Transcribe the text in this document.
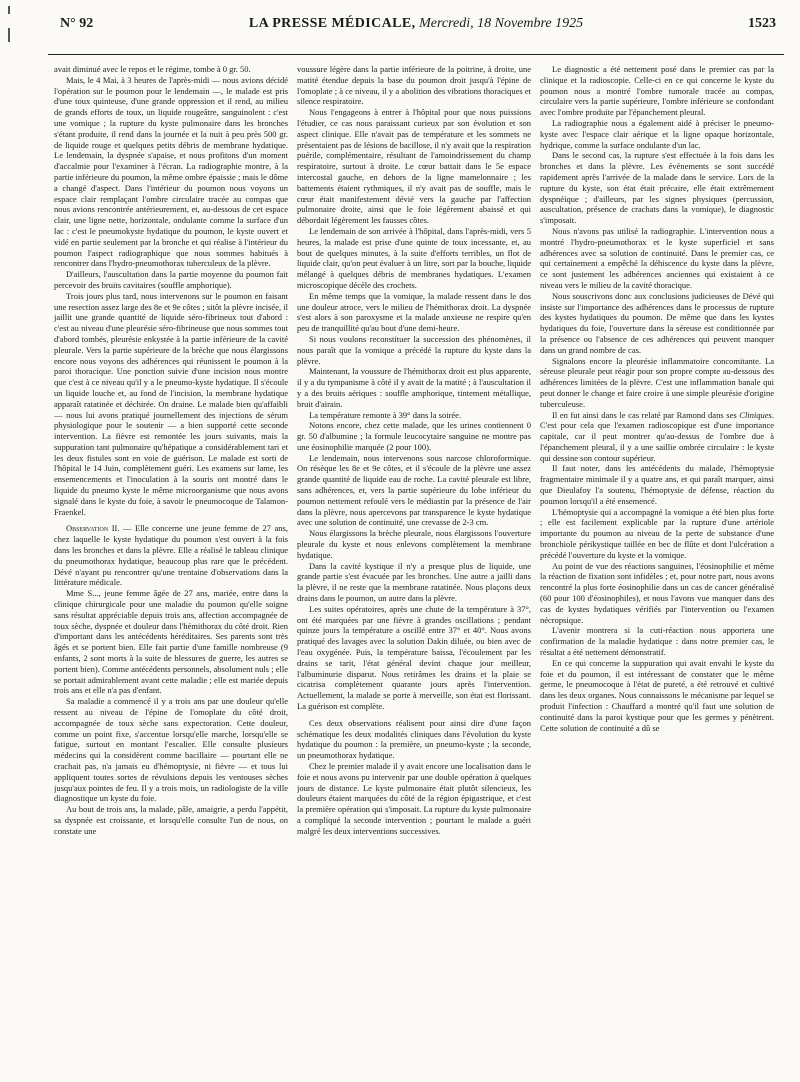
N° 92	LA PRESSE MÉDICALE, Mercredi, 18 Novembre 1925	1523

avait diminué avec le repos et le régime, tombe à 0 gr. 50.

Mais, le 4 Mai, à 3 heures de l'après-midi — nous avions décidé l'opération sur le poumon pour le lendemain —, le malade est pris d'une toux quinteuse, d'une grande oppression et il rend, au milieu de grands efforts de toux, un liquide rougeâtre, sanguinolent : c'est une vomique ; la rupture du kyste pulmonaire dans les bronches s'étant produite, il rend dans la journée et la nuit à peu près 500 gr. de liquide rouge et quelques petits débris de membrane hydatique. Le lendemain, la dyspnée s'apaise, et nous profitons d'un moment d'accalmie pour l'examiner à l'écran. La radiographie montre, à la partie inférieure du poumon, la même ombre épaissie ; mais le dôme a changé d'aspect. Dans l'intérieur du poumon nous voyons un espace clair remplaçant l'ombre circulaire tracée au compas que nous avions rencontrée antérieurement, et, au-dessous de cet espace clair, une ligne nette, horizontale, ondulante comme la surface d'un lac : c'est le pneumokyste hydatique du poumon, le kyste ouvert et vidé en partie seulement par la bronche et qui réalise à l'intérieur du poumon l'aspect radiographique que nous sommes habitués à rencontrer dans l'hydro-pneumothorax tuberculeux de la plèvre.

D'ailleurs, l'auscultation dans la partie moyenne du poumon fait percevoir des bruits cavitaires (souffle amphorique).

Trois jours plus tard, nous intervenons sur le poumon en faisant une resection assez large des 8e et 9e côtes ; sitôt la plèvre incisée, il jaillit une grande quantité de liquide séro-fibrineux tout d'abord : c'est au niveau d'une pleurésie séro-fibrineuse que nous sommes tout d'abord tombés, pleurésie enkystée à la partie inférieure de la cavité pleurale. Vers la partie supérieure de la brèche que nous élargissons encore nous voyons des adhérences qui réunissent le poumon à la paroi thoracique. Une ponction suivie d'une incision nous montre que c'est à ce niveau qu'il y a le pneumo-kyste hydatique. Il s'écoule un liquide louche et, au fond de l'incision, la membrane hydatique apparaît ratatinée et déchirée. On draine. Le malade bien qu'affaibli — nous lui avons pratiqué journellement des injections de sérum physiologique pour le soutenir — a bien supporté cette seconde intervention. La fièvre est remontée les jours suivants, mais la suppuration tant pulmonaire qu'hépatique a considérablement tari et les deux fistules sont en voie de guérison. Le malade est sorti de l'hôpital le 14 Juin, complètement guéri. Les examens sur lame, les ensemencements et l'inoculation à la souris ont montré dans le liquide du pneumo kyste le même microorganisme que nous avons signalé dans le kyste du foie, à savoir le pneumocoque de Talamon-Fraenkel.

Observation II. — Elle concerne une jeune femme de 27 ans, chez laquelle le kyste hydatique du poumon s'est ouvert à la fois dans les bronches et dans la plèvre. Elle a réalisé le tableau clinique du pneumothorax hydatique, beaucoup plus rare que le précédent. Dévé n'ayant pu rencontrer qu'une trentaine d'observations dans la littérature médicale.

Mme S..., jeune femme âgée de 27 ans, mariée, entre dans la clinique chirurgicale pour une maladie du poumon qu'elle soigne sans résultat appréciable depuis trois ans, affection accompagnée de toux sèche, dyspnée et douleur dans l'hémithorax du côté droit. Rien d'important dans les antécédents héréditaires. Ses parents sont très âgés et se portent bien. Elle fait partie d'une famille nombreuse (9 enfants, 2 sont morts à la suite de blessures de guerre, les autres se portent bien). Comme antécédents personnels, absolument nuls ; elle se portait admirablement avant cette maladie ; elle est mariée depuis trois ans et elle n'a pas d'enfant.

Sa maladie a commencé il y a trois ans par une douleur qu'elle ressent au niveau de l'épine de l'omoplate du côté droit, accompagnée de toux sèche sans expectoration. Cette douleur, comme un point fixe, s'accentue lorsqu'elle marche, lorsqu'elle se fatigue, surtout en montant l'escalier. Elle consulte plusieurs médecins qui la considèrent comme bacillaire — pourtant elle ne crachait pas, n'a jamais eu d'hémoptysie, ni fièvre — et tous lui appliquent toutes sortes de révulsions depuis les ventouses sèches jusqu'aux pointes de feu. Il y a trois mois, un radiologiste de la ville diagnostique un kyste du foie.

Au bout de trois ans, la malade, pâle, amaigrie, a perdu l'appétit, sa dyspnée est croissante, et lorsqu'elle consulte l'un de nous, on constate une

voussure légère dans la partie inférieure de la poitrine, à droite, une matité étendue depuis la base du poumon droit jusqu'à l'épine de l'omoplate ; à ce niveau, il y a abolition des vibrations thoraciques et silence respiratoire.

Nous l'engageons à entrer à l'hôpital pour que nous puissions l'étudier, ce cas nous paraissant curieux par son évolution et son aspect clinique. Elle n'avait pas de température et les sommets ne présentaient pas de lésions de bacillose, il n'y avait que la respiration puérile, complémentaire, résultant de l'amoindrissement du champ respiratoire, surtout à droite. Le cœur battait dans le 5e espace intercostal gauche, en dehors de la ligne mamelonnaire ; les battements étaient rythmiques, il n'y avait pas de souffle, mais le cœur était manifestement dévié vers la gauche par l'affection pulmonaire droite, ainsi que le foie légèrement abaissé et qui débordait légèrement les fausses côtes.

Le lendemain de son arrivée à l'hôpital, dans l'après-midi, vers 5 heures, la malade est prise d'une quinte de toux incessante, et, au bout de quelques minutes, à la suite d'efforts terribles, un flot de liquide clair, qu'on peut évaluer à un litre, sort par la bouche, liquide mélangé à quelques débris de membranes hydatiques. L'examen microscopique décèle des crochets.

En même temps que la vomique, la malade ressent dans le dos une douleur atroce, vers le milieu de l'hémithorax droit. La dyspnée s'est alors à son paroxysme et la malade anxieuse ne respire qu'en peu de tranquillité qu'au bout d'une demi-heure.

Si nous voulons reconstituer la succession des phénomènes, il nous paraît que la vomique a précédé la rupture du kyste dans la plèvre.

Maintenant, la voussure de l'hémithorax droit est plus apparente, il y a du tympanisme à côté il y avait de la matité ; à l'auscultation il y a des bruits aériques : souffle amphorique, tintement métallique, bruit d'airain.

La température remonte à 39° dans la soirée.

Notons encore, chez cette malade, que les urines contiennent 0 gr. 50 d'albumine ; la formule leucocytaire sanguine ne montre pas une éosinophilie marquée (2 pour 100).

Le lendemain, nous intervenons sous narcose chloroformique. On résèque les 8e et 9e côtes, et il s'écoule de la plèvre une assez grande quantité de liquide eau de roche. La cavité pleurale est libre, sans adhérences, et, vers la partie supérieure du lobe inférieur du poumon nettement refoulé vers le médiastin par la présence de l'air dans la plèvre, nous apercevons par transparence le kyste hydatique avec une solution de continuité, une crevasse de 2-3 cm.

Nous élargissons la brèche pleurale, nous élargissons l'ouverture pleurale du kyste et nous enlevons complètement la membrane hydatique.

Dans la cavité kystique il n'y a presque plus de liquide, une grande partie s'est évacuée par les bronches. Une autre a jailli dans la plèvre, il ne reste que la membrane ratatinée. Nous plaçons deux drains dans le poumon, un autre dans la plèvre.

Les suites opératoires, après une chute de la température à 37°, ont été marquées par une fièvre à grandes oscillations ; pendant quinze jours la température a oscillé entre 37° et 40°. Nous avons pratiqué des lavages avec la solution Dakin diluée, ou bien avec de l'eau oxygénée. Puis, la température baissa, l'écoulement par les drains se tarit, l'état général devint chaque jour meilleur, l'albuminurie disparut. Nous retirâmes les drains et la plaie se cicatrisa complètement quarante jours après l'intervention. Actuellement, la malade se porte à merveille, son état est florissant. La guérison est complète.

Ces deux observations réalisent pour ainsi dire d'une façon schématique les deux modalités cliniques dans l'évolution du kyste hydatique du poumon : la première, un pneumo-kyste ; la seconde, un pneumothorax hydatique.

Chez le premier malade il y avait encore une localisation dans le foie et nous avons pu intervenir par une double opération à quelques jours de distance. Le kyste pulmonaire était plutôt silencieux, les douleurs étaient marquées du côté de la région épigastrique, et c'est la première opération qui s'imposait. La rupture du kyste pulmonaire a compliqué la seconde intervention ; pourtant le malade a guéri malgré les deux interventions successives.

Le diagnostic a été nettement posé dans le premier cas par la clinique et la radioscopie. Celle-ci en ce qui concerne le kyste du poumon nous a montré l'ombre tumorale tracée au compas, circulaire vers la partie supérieure, l'ombre inférieure se confondant avec l'ombre produite par l'épanchement pleural.

La radiographie nous a également aidé à préciser le pneumo-kyste avec l'espace clair aérique et la ligne opaque horizontale, hydrique, comme la surface ondulante d'un lac.

Dans le second cas, la rupture s'est effectuée à la fois dans les bronches et dans la plèvre. Les événements se sont succédé rapidement après l'arrivée de la malade dans le service. Lors de la rupture du kyste, son état était précaire, elle était extrêmement dyspnéique ; d'ailleurs, par les signes physiques (percussion, auscultation, présence de crachats dans la vomique), le diagnostic s'imposait.

Nous n'avons pas utilisé la radiographie. L'intervention nous a montré l'hydro-pneumothorax et le kyste superficiel et sans adhérences avec sa solution de continuité. Dans le premier cas, ce qui certainement a empêché la déhiscence du kyste dans la plèvre, ce sont justement les adhérences anciennes qui existaient à ce niveau vers le milieu de la cavité thoracique.

Nous souscrivons donc aux conclusions judicieuses de Dévé qui insiste sur l'importance des adhérences dans le processus de rupture des kystes hydatiques du poumon. De même que dans les kystes hydatiques du foie, l'ouverture dans la séreuse est conditionnée par la présence ou l'absence de ces adhérences qui peuvent manquer dans un grand nombre de cas.

Signalons encore la pleurésie inflammatoire concomitante. La séreuse pleurale peut réagir pour son propre compte au-dessous des adhérences limitées de la plèvre. C'est une inflammation banale qui peut donner le change et faire croire à une simple pleurésie d'origine tuberculeuse.

Il en fut ainsi dans le cas relaté par Ramond dans ses Cliniques. C'est pour cela que l'examen radioscopique est d'une importance capitale, car il peut montrer qu'au-dessus de l'ombre due à l'épanchement pleural, il y a une saillie ombrée circulaire : le kyste qui dessine son contour supérieur.

Il faut noter, dans les antécédents du malade, l'hémoptysie fragmentaire minimale il y a quatre ans, et qui paraît marquer, ainsi que Dieulafoy l'a soutenu, l'hémoptysie de défense, réaction du poumon lorsqu'il a été ensemencé.

L'hémoptysie qui a accompagné la vomique a été bien plus forte ; elle est facilement explicable par la rupture d'une artériole importante du poumon au niveau de la perte de substance d'une bronchiole périkystique taillée en bec de flûte et dont l'ulcération a précédé l'ouverture du kyste et la vomique.

Au point de vue des réactions sanguines, l'éosinophilie et même la réaction de fixation sont infidèles ; et, pour notre part, nous avons rencontré la plus forte éosinophilie dans un cas de cancer généralisé (60 pour 100 d'éosinophiles), et nous l'avons vue manquer dans des cas de kystes hydatiques vérifiés par l'intervention ou l'examen nécropsique.

L'avenir montrera si la cuti-réaction nous apportera une confirmation de la maladie hydatique : dans notre premier cas, le résultat a été nettement démonstratif.

En ce qui concerne la suppuration qui avait envahi le kyste du foie et du poumon, il est intéressant de constater que le même germe, le pneumocoque à l'état de pureté, a été retrouvé et cultivé dans les deux organes. Nous connaissons le mécanisme par lequel se produit l'infection : Chauffard a montré qu'il faut une solution de continuité dans la paroi kystique pour que les germes y pénètrent. Cette solution de continuité a dû se
